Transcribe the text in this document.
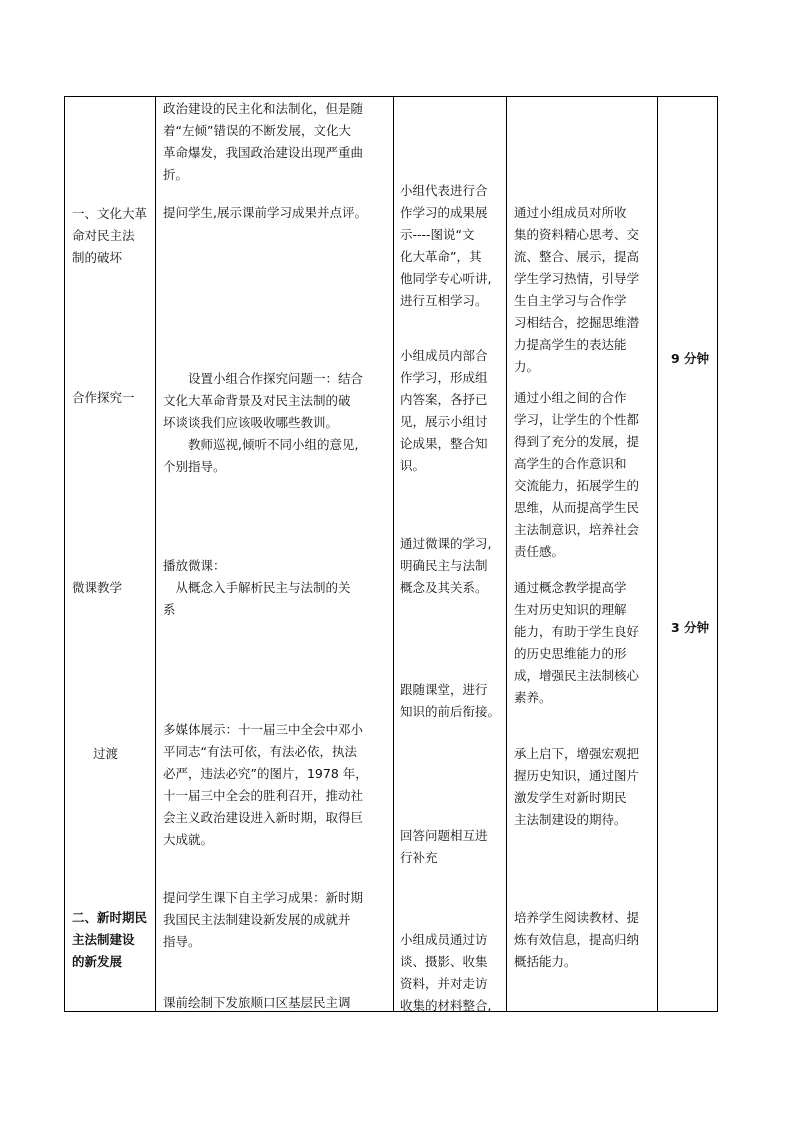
一、文化大革
命对民主法
制的破坏
合作探究一
微课教学
过渡
二、新时期民
主法制建设
的新发展
政治建设的民主化和法制化，但是随
着“左倾”错误的不断发展，文化大
革命爆发，我国政治建设出现严重曲
折。
提问学生,展示课前学习成果并点评。
　　设置小组合作探究问题一：结合
文化大革命背景及对民主法制的破
坏谈谈我们应该吸收哪些教训。
　　教师巡视,倾听不同小组的意见,
个别指导。
播放微课：
　从概念入手解析民主与法制的关
系
多媒体展示：十一届三中全会中邓小
平同志“有法可依，有法必依，执法
必严，违法必究”的图片，1978 年，
十一届三中全会的胜利召开，推动社
会主义政治建设进入新时期，取得巨
大成就。
提问学生课下自主学习成果：新时期
我国民主法制建设新发展的成就并
指导。
课前绘制下发旅顺口区基层民主调
小组代表进行合
作学习的成果展
示----图说“文
化大革命”，其
他同学专心听讲,
进行互相学习。
小组成员内部合
作学习，形成组
内答案，各抒已
见，展示小组讨
论成果，整合知
识。
通过微课的学习,
明确民主与法制
概念及其关系。
跟随课堂，进行
知识的前后衔接。
回答问题相互进
行补充
小组成员通过访
谈、摄影、收集
资料，并对走访
收集的材料整合,
通过小组成员对所收
集的资料精心思考、交
流、整合、展示，提高
学生学习热情，引导学
生自主学习与合作学
习相结合，挖掘思维潜
力提高学生的表达能
力。
通过小组之间的合作
学习，让学生的个性都
得到了充分的发展，提
高学生的合作意识和
交流能力，拓展学生的
思维，从而提高学生民
主法制意识，培养社会
责任感。
通过概念教学提高学
生对历史知识的理解
能力，有助于学生良好
的历史思维能力的形
成，增强民主法制核心
素养。
承上启下，增强宏观把
握历史知识，通过图片
激发学生对新时期民
主法制建设的期待。
培养学生阅读教材、提
炼有效信息，提高归纳
概括能力。
9 分钟
3 分钟
